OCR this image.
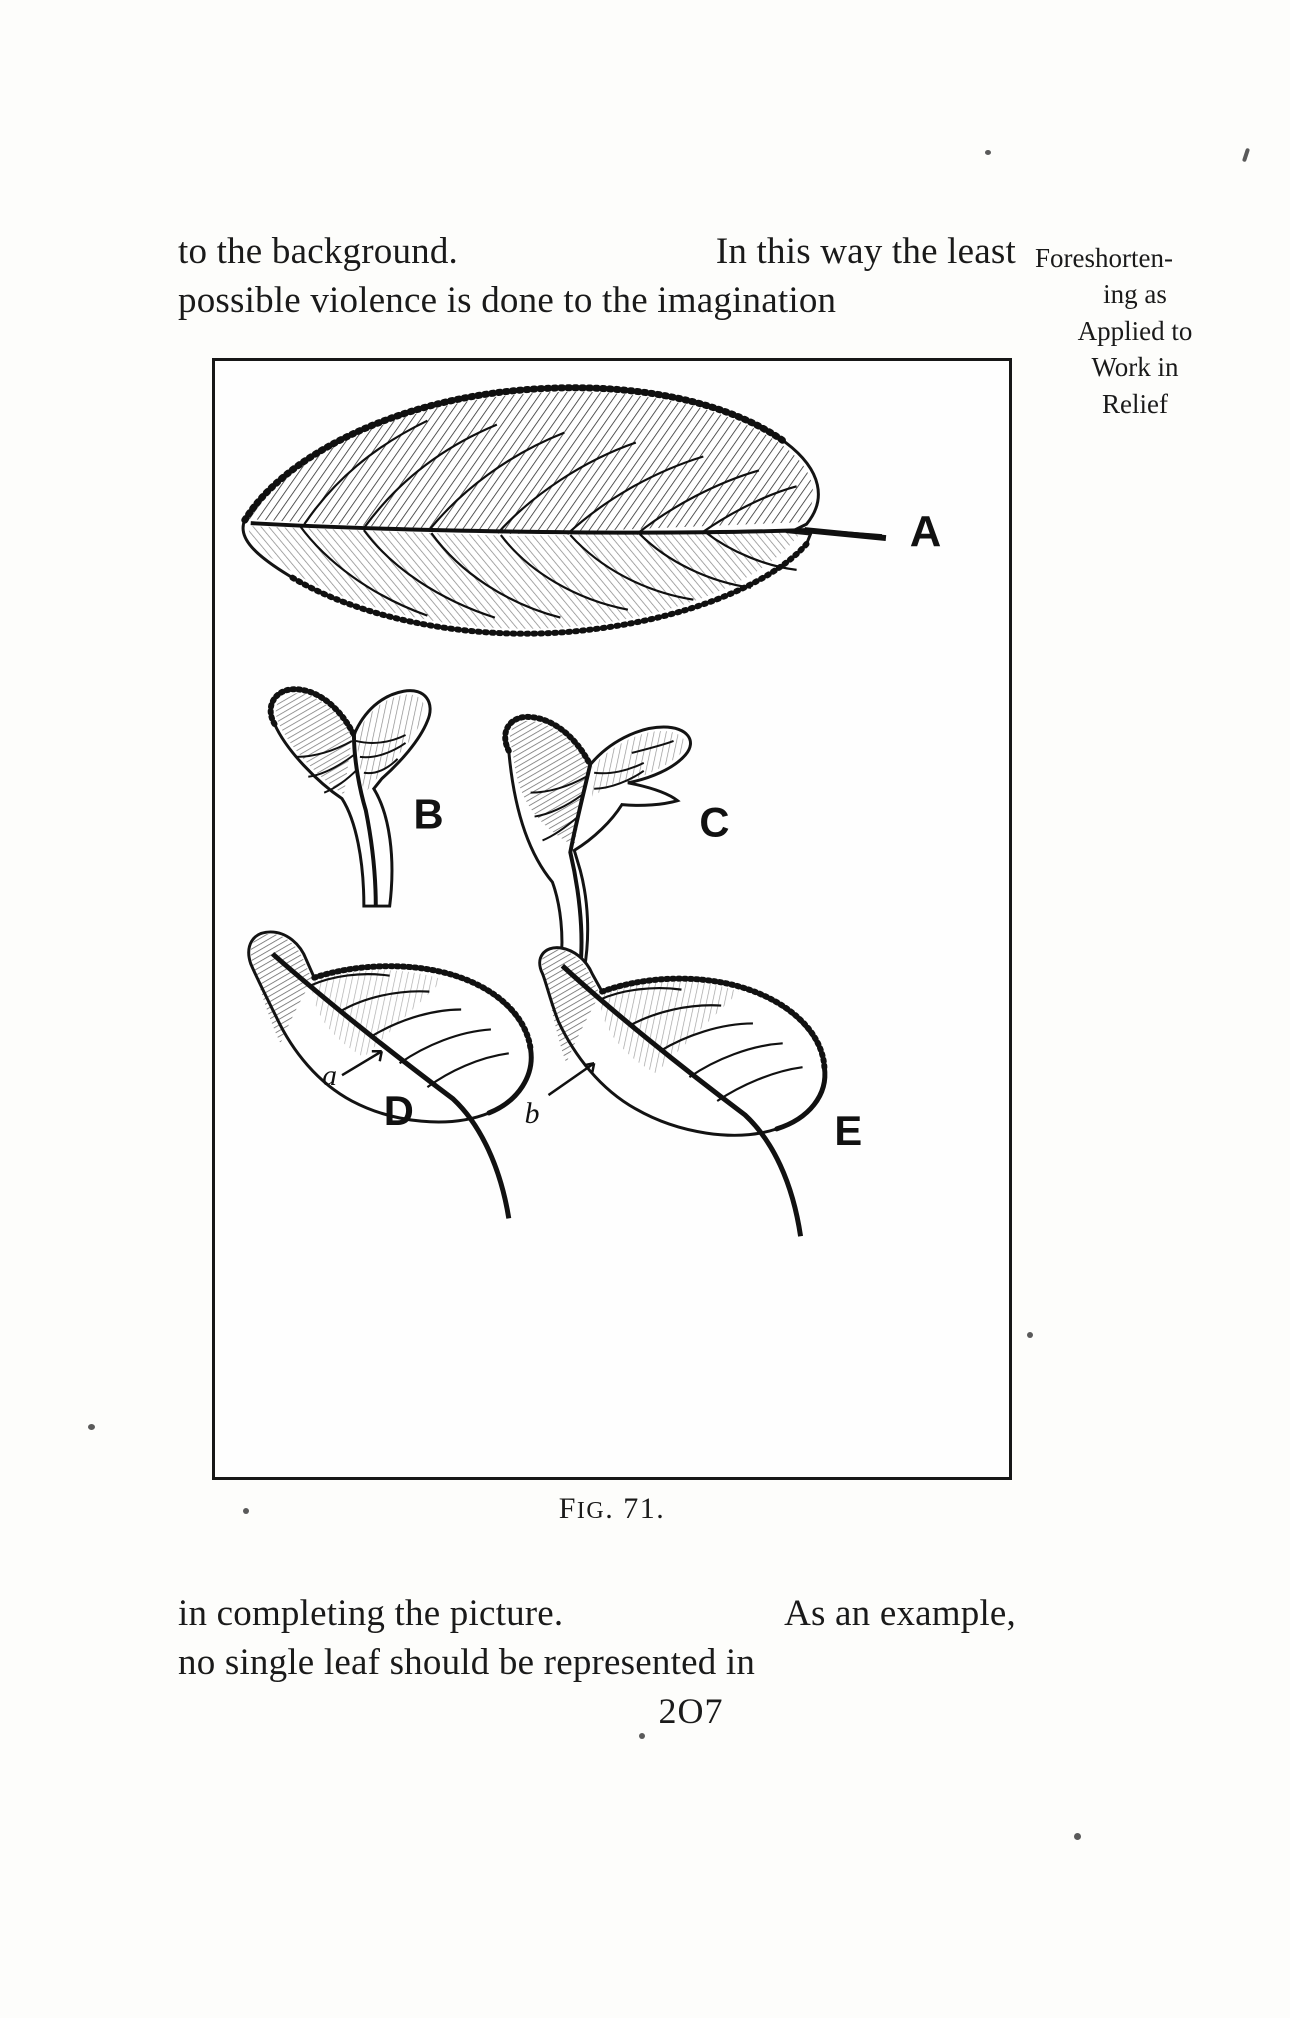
to the background.	In this way the least
possible violence is done to the imagination
Foreshorten-
ing as
Applied to
Work in
Relief
A
B	C
a
D	b	E
FIG. 71.
in completing the picture.	As an example,
no single leaf should be represented in
2O7
